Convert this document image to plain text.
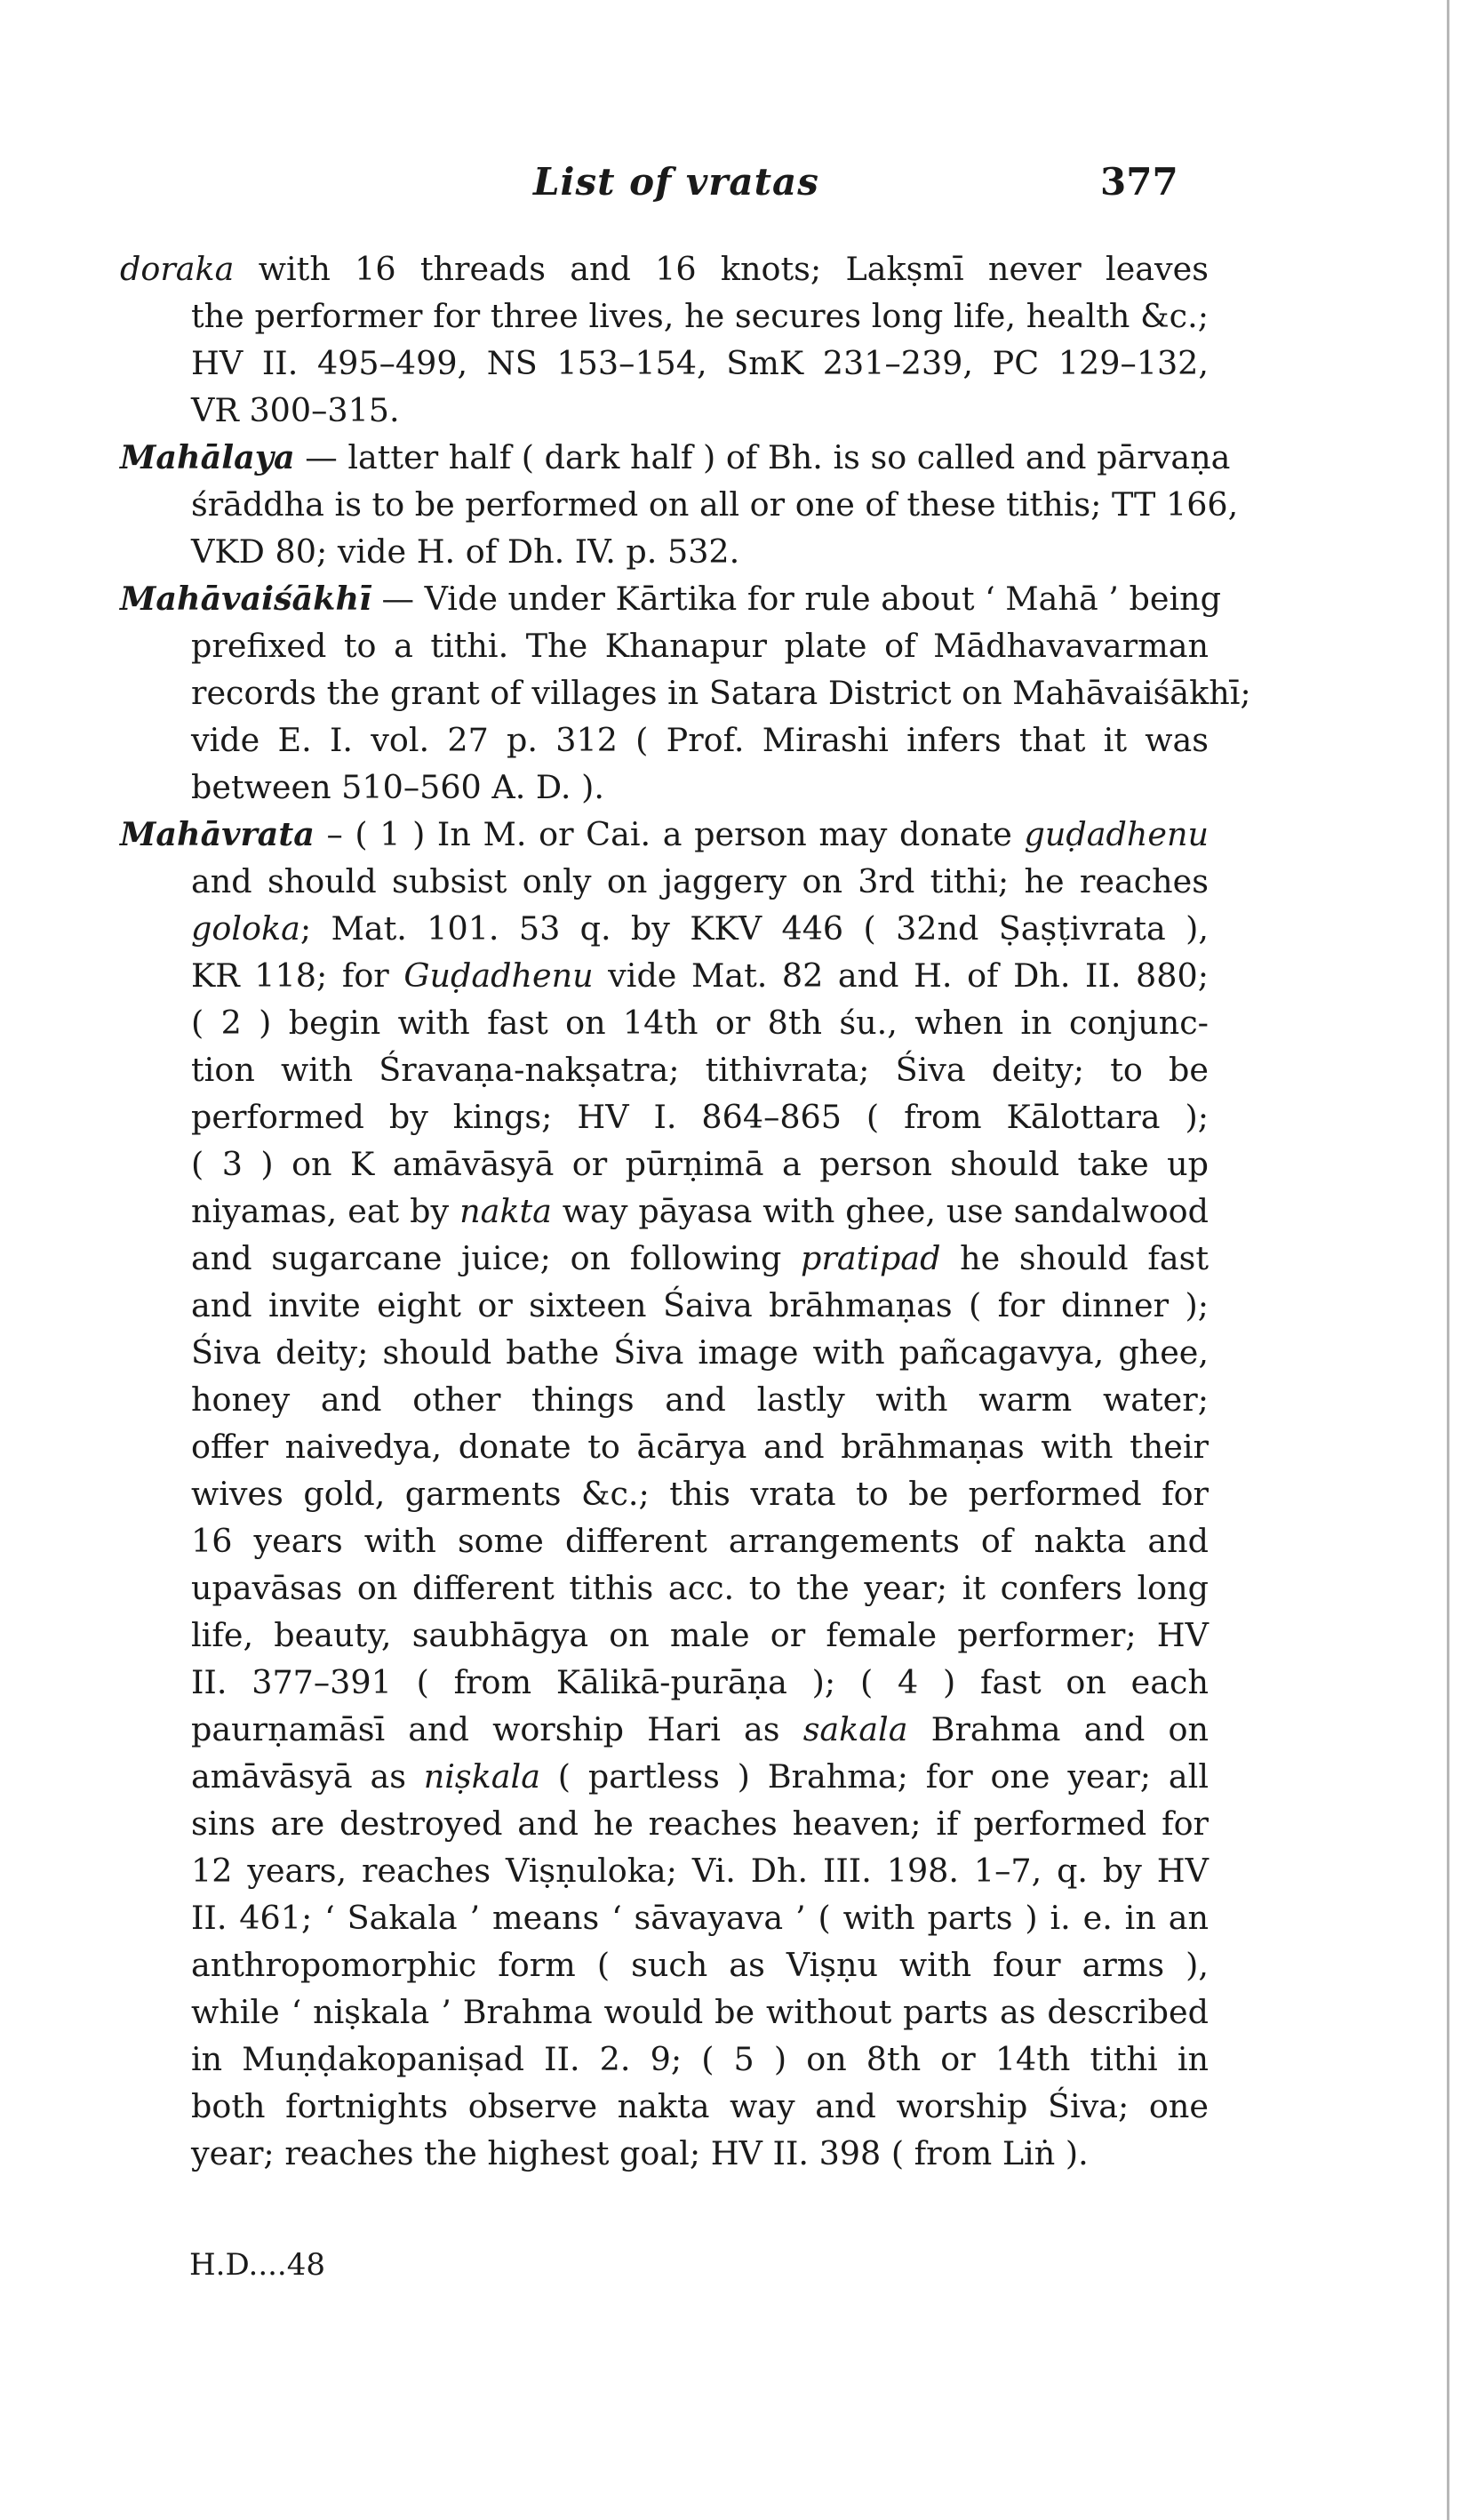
List of vratas	377
doraka with 16 threads and 16 knots; Lakṣmī never leaves
the performer for three lives, he secures long life, health &c.;
HV II. 495–499, NS 153–154, SmK 231–239, PC 129–132,
VR 300–315.
Mahālaya — latter half ( dark half ) of Bh. is so called and pārvaṇa
śrāddha is to be performed on all or one of these tithis; TT 166,
VKD 80; vide H. of Dh. IV. p. 532.
Mahāvaiśākhī — Vide under Kārtika for rule about ‘ Mahā ’ being
prefixed to a tithi. The Khanapur plate of Mādhavavarman
records the grant of villages in Satara District on Mahāvaiśākhī;
vide E. I. vol. 27 p. 312 ( Prof. Mirashi infers that it was
between 510–560 A. D. ).
Mahāvrata – ( 1 ) In M. or Cai. a person may donate guḍadhenu
and should subsist only on jaggery on 3rd tithi; he reaches
goloka; Mat. 101. 53 q. by KKV 446 ( 32nd Ṣaṣṭivrata ),
KR 118; for Guḍadhenu vide Mat. 82 and H. of Dh. II. 880;
( 2 ) begin with fast on 14th or 8th śu., when in conjunc-
tion with Śravaṇa-nakṣatra; tithivrata; Śiva deity; to be
performed by kings; HV I. 864–865 ( from Kālottara );
( 3 ) on K amāvāsyā or pūrṇimā a person should take up
niyamas, eat by nakta way pāyasa with ghee, use sandalwood
and sugarcane juice; on following pratipad he should fast
and invite eight or sixteen Śaiva brāhmaṇas ( for dinner );
Śiva deity; should bathe Śiva image with pañcagavya, ghee,
honey and other things and lastly with warm water;
offer naivedya, donate to ācārya and brāhmaṇas with their
wives gold, garments &c.; this vrata to be performed for
16 years with some different arrangements of nakta and
upavāsas on different tithis acc. to the year; it confers long
life, beauty, saubhāgya on male or female performer; HV
II. 377–391 ( from Kālikā-purāṇa ); ( 4 ) fast on each
paurṇamāsī and worship Hari as sakala Brahma and on
amāvāsyā as niṣkala ( partless ) Brahma; for one year; all
sins are destroyed and he reaches heaven; if performed for
12 years, reaches Viṣṇuloka; Vi. Dh. III. 198. 1–7, q. by HV
II. 461; ‘ Sakala ’ means ‘ sāvayava ’ ( with parts ) i. e. in an
anthropomorphic form ( such as Viṣṇu with four arms ),
while ‘ niṣkala ’ Brahma would be without parts as described
in Muṇḍakopaniṣad II. 2. 9; ( 5 ) on 8th or 14th tithi in
both fortnights observe nakta way and worship Śiva; one
year; reaches the highest goal; HV II. 398 ( from Liṅ ).
H.D....48
